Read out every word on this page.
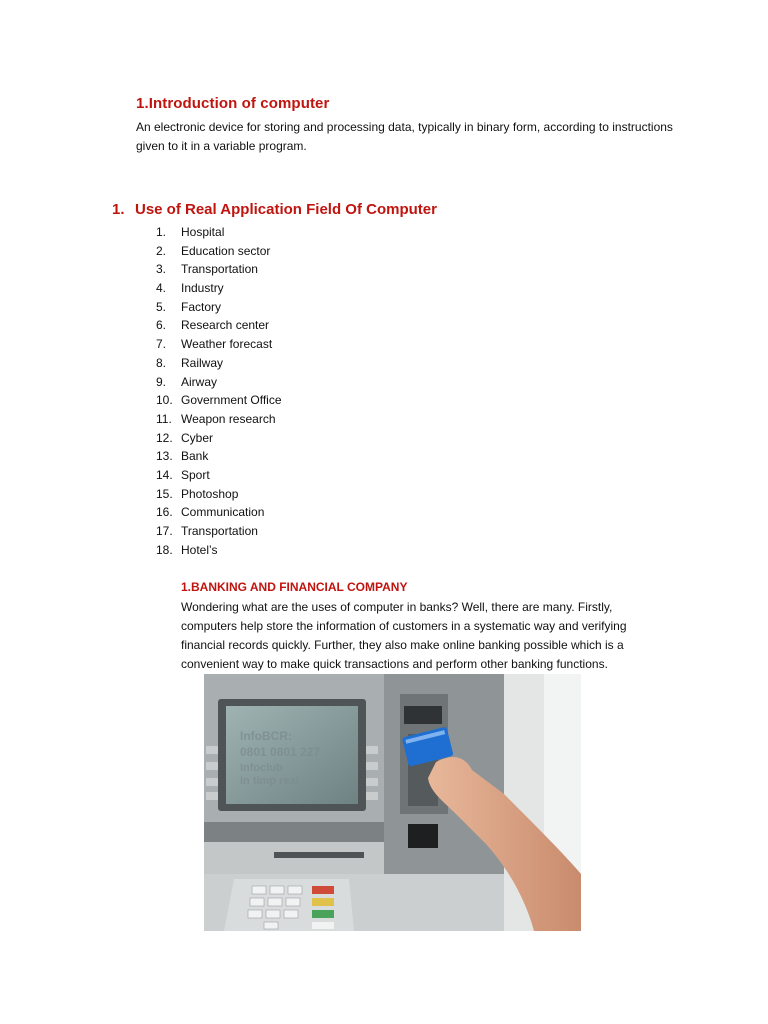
1.Introduction of computer
An electronic device for storing and processing data, typically in binary form, according to instructions given to it in a variable program.
1. Use of Real Application Field Of Computer
1. Hospital
2. Education sector
3. Transportation
4. Industry
5. Factory
6. Research center
7. Weather forecast
8. Railway
9. Airway
10. Government Office
11. Weapon research
12. Cyber
13. Bank
14. Sport
15. Photoshop
16. Communication
17. Transportation
18. Hotel’s
1.BANKING AND FINANCIAL COMPANY
Wondering what are the uses of computer in banks? Well, there are many. Firstly, computers help store the information of customers in a systematic way and verifying financial records quickly. Further, they also make online banking possible which is a convenient way to make quick transactions and perform other banking functions.
InfoBCR:
0801 0801 227
Infoclub
In timp real
